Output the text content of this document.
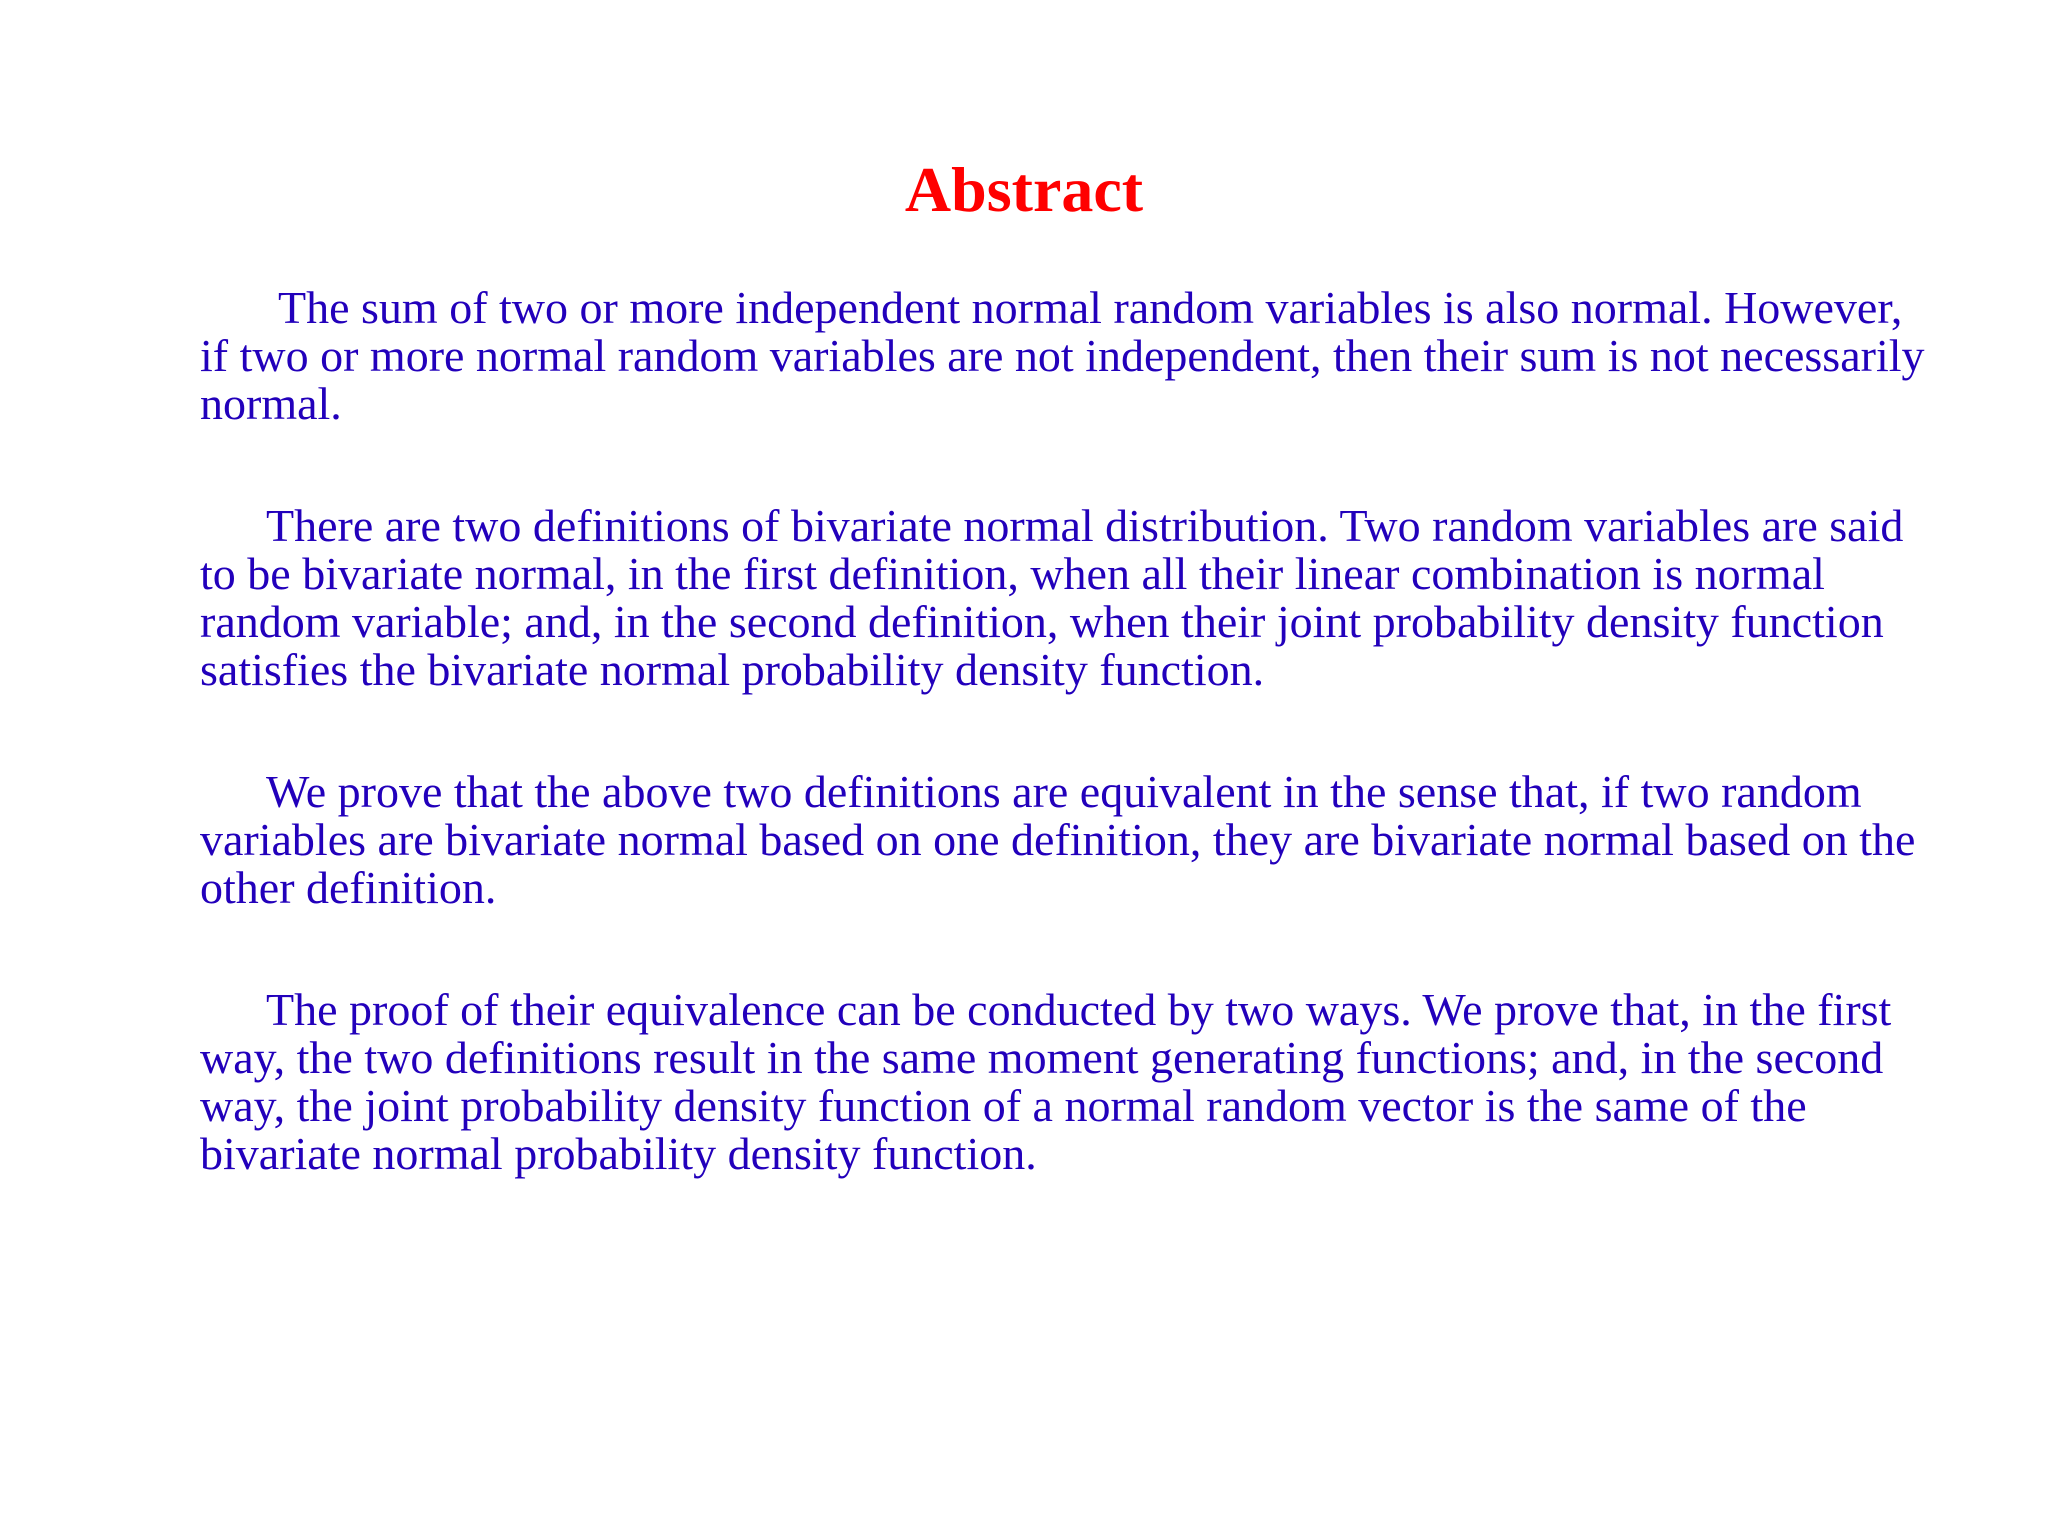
Abstract

The sum of two or more independent normal random variables is also normal. However, if two or more normal random variables are not independent, then their sum is not necessarily normal.

There are two definitions of bivariate normal distribution. Two random variables are said to be bivariate normal, in the first definition, when all their linear combination is normal random variable; and, in the second definition, when their joint probability density function satisfies the bivariate normal probability density function.

We prove that the above two definitions are equivalent in the sense that, if two random variables are bivariate normal based on one definition, they are bivariate normal based on the other definition.

The proof of their equivalence can be conducted by two ways. We prove that, in the first way, the two definitions result in the same moment generating functions; and, in the second way, the joint probability density function of a normal random vector is the same of the bivariate normal probability density function.
